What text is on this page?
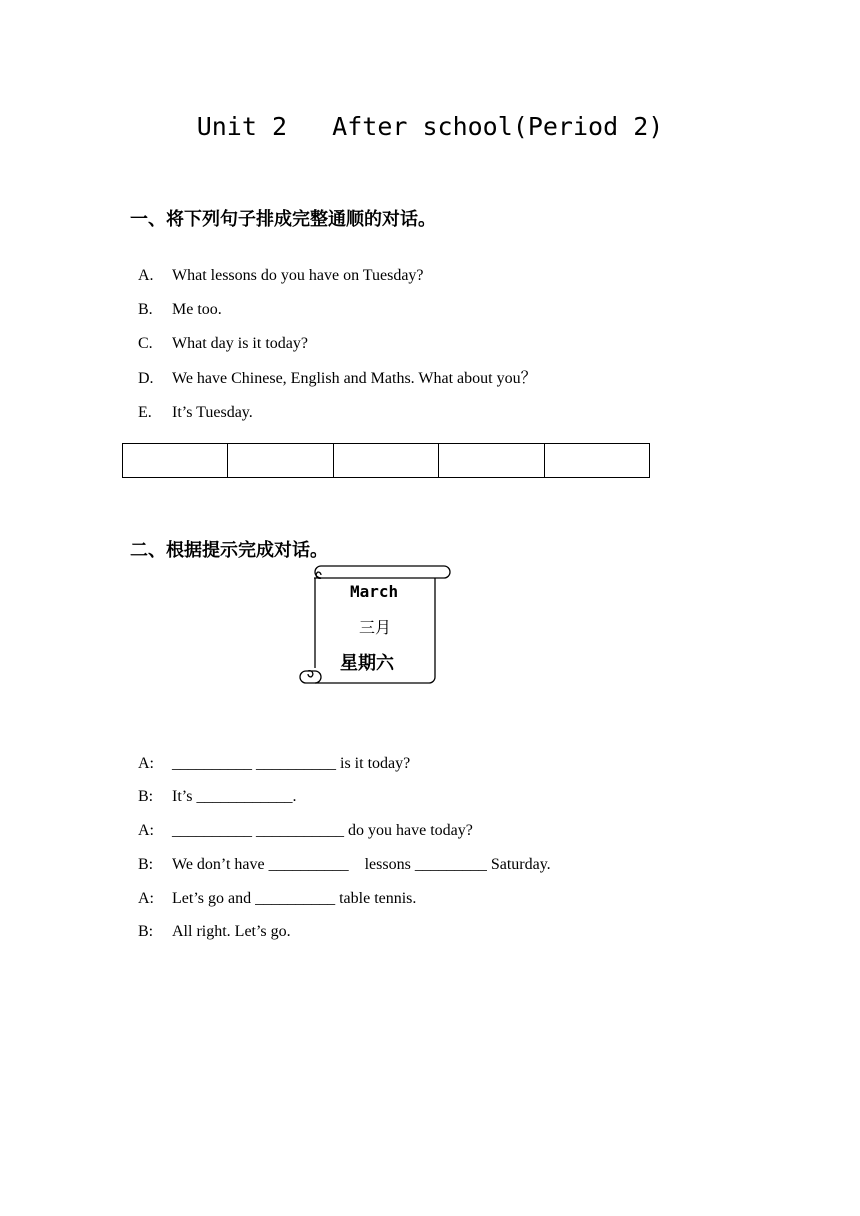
Unit 2   After school(Period 2)
一、将下列句子排成完整通顺的对话。

A. What lessons do you have on Tuesday?

B. Me too.

C. What day is it today?

D. We have Chinese, English and Maths. What about you？

E. It’s Tuesday.

二、根据提示完成对话。
March
三月
星期六

A: __________ __________ is it today?

B: It’s ____________.

A: __________ ___________ do you have today?

B: We don’t have __________    lessons _________ Saturday.

A: Let’s go and __________ table tennis.

B: All right. Let’s go.
